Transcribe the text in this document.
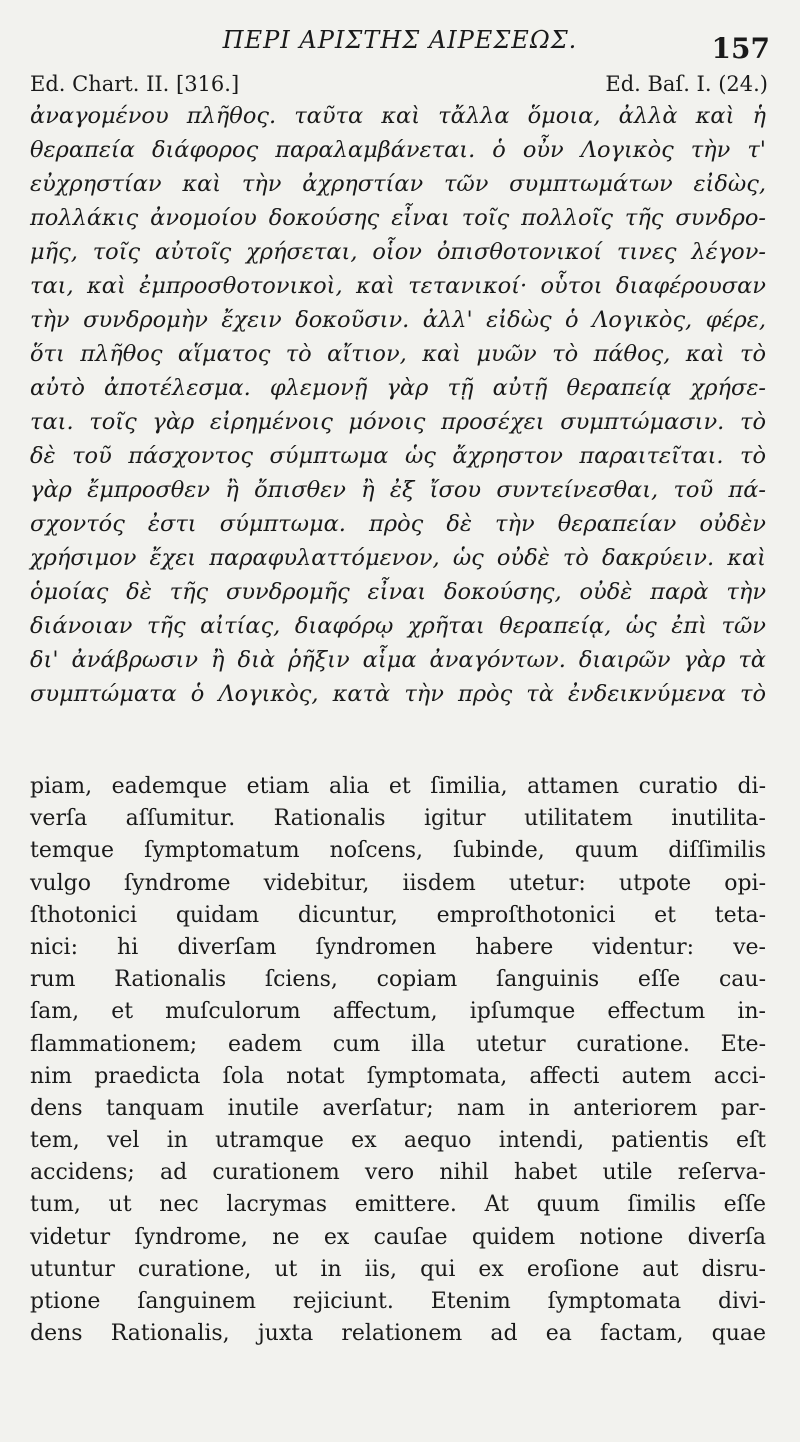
ΠΕΡΙ ΑΡΙΣΤΗΣ ΑΙΡΕΣΕΩΣ.	157
Ed. Chart. II. [316.]	Ed. Baſ. I. (24.)
ἀναγομένου πλῆθος. ταῦτα καὶ τἄλλα ὅμοια, ἀλλὰ καὶ ἡ
θεραπεία διάφορος παραλαμβάνεται. ὁ οὖν Λογικὸς τὴν τ'
εὐχρηστίαν καὶ τὴν ἀχρηστίαν τῶν συμπτωμάτων εἰδὼς,
πολλάκις ἀνομοίου δοκούσης εἶναι τοῖς πολλοῖς τῆς συνδρο-
μῆς, τοῖς αὐτοῖς χρήσεται, οἷον ὀπισθοτονικοί τινες λέγον-
ται, καὶ ἐμπροσθοτονικοὶ, καὶ τετανικοί· οὗτοι διαφέρουσαν
τὴν συνδρομὴν ἔχειν δοκοῦσιν. ἀλλ' εἰδὼς ὁ Λογικὸς, φέρε,
ὅτι πλῆθος αἵματος τὸ αἴτιον, καὶ μυῶν τὸ πάθος, καὶ τὸ
αὐτὸ ἀποτέλεσμα. φλεμονῇ γὰρ τῇ αὐτῇ θεραπείᾳ χρήσε-
ται. τοῖς γὰρ εἰρημένοις μόνοις προσέχει συμπτώμασιν. τὸ
δὲ τοῦ πάσχοντος σύμπτωμα ὡς ἄχρηστον παραιτεῖται. τὸ
γὰρ ἔμπροσθεν ἢ ὄπισθεν ἢ ἐξ ἴσου συντείνεσθαι, τοῦ πά-
σχοντός ἐστι σύμπτωμα. πρὸς δὲ τὴν θεραπείαν οὐδὲν
χρήσιμον ἔχει παραφυλαττόμενον, ὡς οὐδὲ τὸ δακρύειν. καὶ
ὁμοίας δὲ τῆς συνδρομῆς εἶναι δοκούσης, οὐδὲ παρὰ τὴν
διάνοιαν τῆς αἰτίας, διαφόρῳ χρῆται θεραπείᾳ, ὡς ἐπὶ τῶν
δι' ἀνάβρωσιν ἢ διὰ ῥῆξιν αἷμα ἀναγόντων. διαιρῶν γὰρ τὰ
συμπτώματα ὁ Λογικὸς, κατὰ τὴν πρὸς τὰ ἐνδεικνύμενα τὸ
piam, eademque etiam alia et ſimilia, attamen curatio di-
verſa aſſumitur. Rationalis igitur utilitatem inutilita-
temque ſymptomatum noſcens, ſubinde, quum diſſimilis
vulgo ſyndrome videbitur, iisdem utetur: utpote opi-
ſthotonici quidam dicuntur, emproſthotonici et teta-
nici: hi diverſam ſyndromen habere videntur: ve-
rum Rationalis ſciens, copiam ſanguinis eſſe cau-
ſam, et muſculorum affectum, ipſumque effectum in-
flammationem; eadem cum illa utetur curatione. Ete-
nim praedicta ſola notat ſymptomata, affecti autem acci-
dens tanquam inutile averſatur; nam in anteriorem par-
tem, vel in utramque ex aequo intendi, patientis eſt
accidens; ad curationem vero nihil habet utile reſerva-
tum, ut nec lacrymas emittere. At quum ſimilis eſſe
videtur ſyndrome, ne ex cauſae quidem notione diverſa
utuntur curatione, ut in iis, qui ex eroſione aut disru-
ptione ſanguinem rejiciunt. Etenim ſymptomata divi-
dens Rationalis, juxta relationem ad ea factam, quae
